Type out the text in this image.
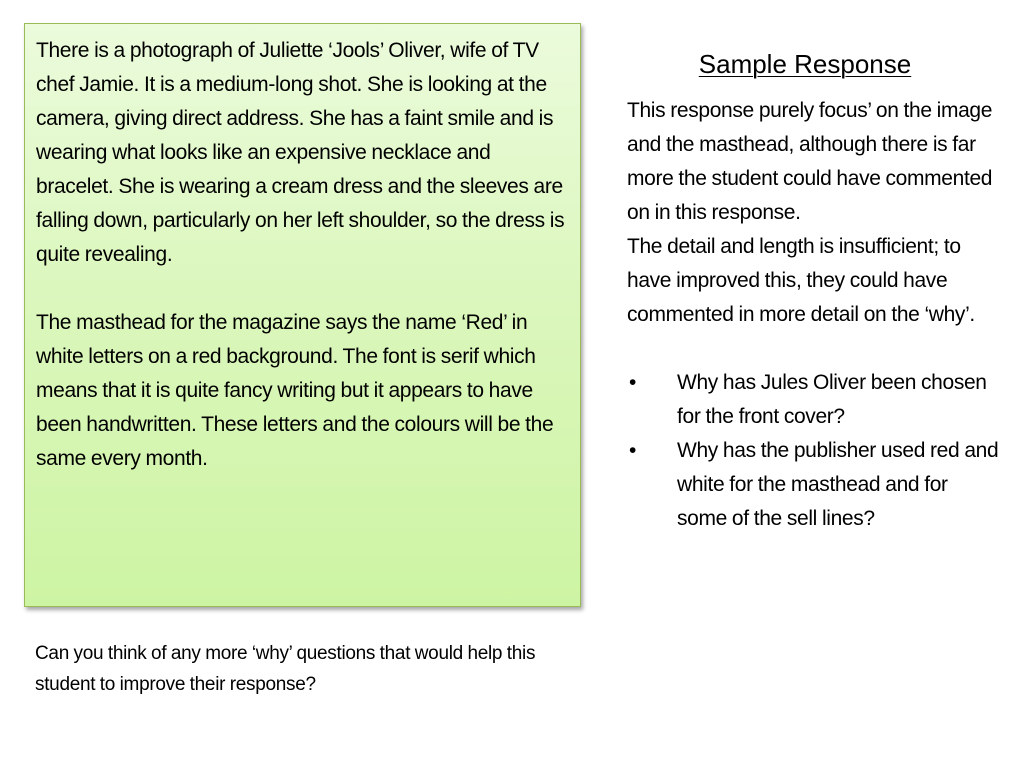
There is a photograph of Juliette ‘Jools’ Oliver, wife of TV chef Jamie. It is a medium-long shot. She is looking at the camera, giving direct address. She has a faint smile and is wearing what looks like an expensive necklace and bracelet. She is wearing a cream dress and the sleeves are falling down, particularly on her left shoulder, so the dress is quite revealing.

The masthead for the magazine says the name ‘Red’ in white letters on a red background. The font is serif which means that it is quite fancy writing but it appears to have been handwritten. These letters and the colours will be the same every month.

Sample Response

This response purely focus’ on the image and the masthead, although there is far more the student could have commented on in this response.

The detail and length is insufficient; to have improved this, they could have commented in more detail on the ‘why’.

•	Why has Jules Oliver been chosen for the front cover?
•	Why has the publisher used red and white for the masthead and for some of the sell lines?

Can you think of any more ‘why’ questions that would help this student to improve their response?
